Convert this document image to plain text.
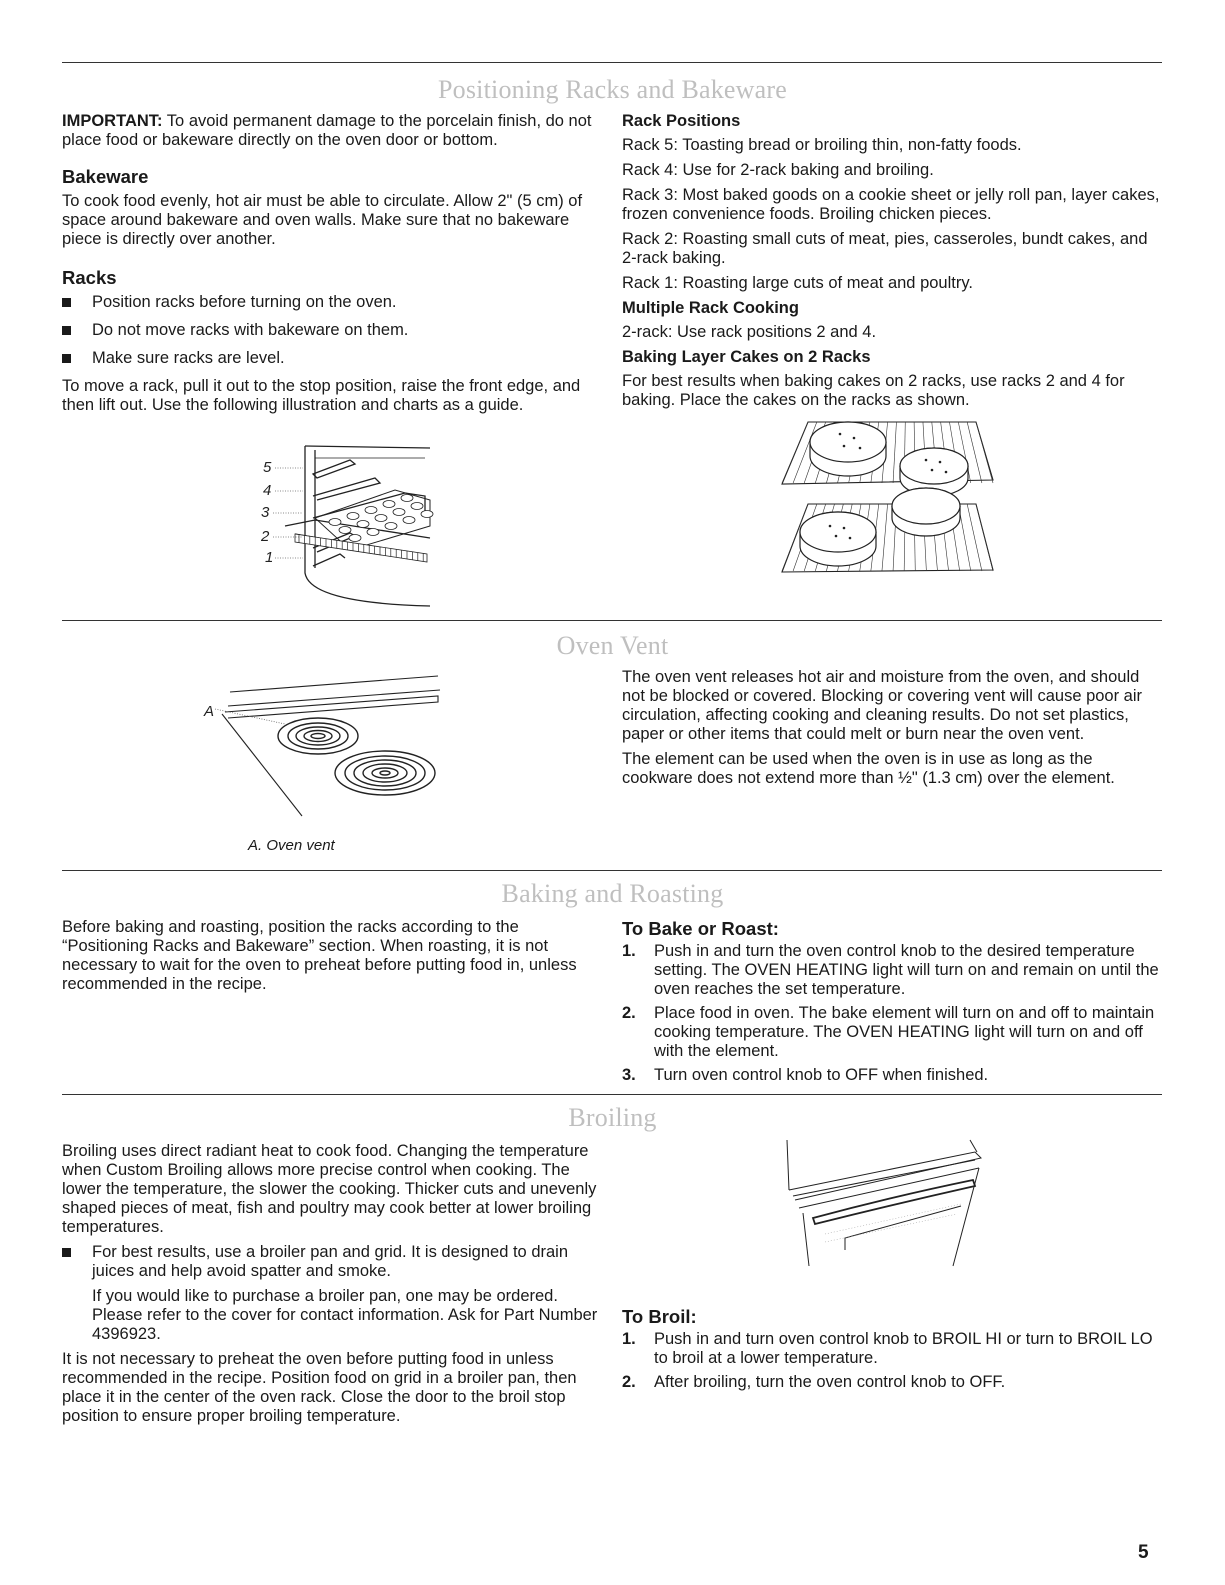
Positioning Racks and Bakeware

IMPORTANT: To avoid permanent damage to the porcelain finish, do not place food or bakeware directly on the oven door or bottom.

Bakeware

To cook food evenly, hot air must be able to circulate. Allow 2" (5 cm) of space around bakeware and oven walls. Make sure that no bakeware piece is directly over another.

Racks
Position racks before turning on the oven.
Do not move racks with bakeware on them.
Make sure racks are level.

To move a rack, pull it out to the stop position, raise the front edge, and then lift out. Use the following illustration and charts as a guide.

5
4
3
2
1
Rack Positions

Rack 5: Toasting bread or broiling thin, non-fatty foods.

Rack 4: Use for 2-rack baking and broiling.

Rack 3: Most baked goods on a cookie sheet or jelly roll pan, layer cakes, frozen convenience foods. Broiling chicken pieces.

Rack 2: Roasting small cuts of meat, pies, casseroles, bundt cakes, and 2-rack baking.

Rack 1: Roasting large cuts of meat and poultry.

Multiple Rack Cooking

2-rack: Use rack positions 2 and 4.

Baking Layer Cakes on 2 Racks

For best results when baking cakes on 2 racks, use racks 2 and 4 for baking. Place the cakes on the racks as shown.

Oven Vent
A
A. Oven vent

The oven vent releases hot air and moisture from the oven, and should not be blocked or covered. Blocking or covering vent will cause poor air circulation, affecting cooking and cleaning results. Do not set plastics, paper or other items that could melt or burn near the oven vent.

The element can be used when the oven is in use as long as the cookware does not extend more than ½" (1.3 cm) over the element.

Baking and Roasting

Before baking and roasting, position the racks according to the “Positioning Racks and Bakeware” section. When roasting, it is not necessary to wait for the oven to preheat before putting food in, unless recommended in the recipe.

To Bake or Roast:
1. Push in and turn the oven control knob to the desired temperature setting. The OVEN HEATING light will turn on and remain on until the oven reaches the set temperature.
2. Place food in oven. The bake element will turn on and off to maintain cooking temperature. The OVEN HEATING light will turn on and off with the element.
3. Turn oven control knob to OFF when finished.
Broiling

Broiling uses direct radiant heat to cook food. Changing the temperature when Custom Broiling allows more precise control when cooking. The lower the temperature, the slower the cooking. Thicker cuts and unevenly shaped pieces of meat, fish and poultry may cook better at lower broiling temperatures.

For best results, use a broiler pan and grid. It is designed to drain juices and help avoid spatter and smoke.

If you would like to purchase a broiler pan, one may be ordered. Please refer to the cover for contact information. Ask for Part Number 4396923.

It is not necessary to preheat the oven before putting food in unless recommended in the recipe. Position food on grid in a broiler pan, then place it in the center of the oven rack. Close the door to the broil stop position to ensure proper broiling temperature.

To Broil:
1. Push in and turn oven control knob to BROIL HI or turn to BROIL LO to broil at a lower temperature.
2. After broiling, turn the oven control knob to OFF.
5
